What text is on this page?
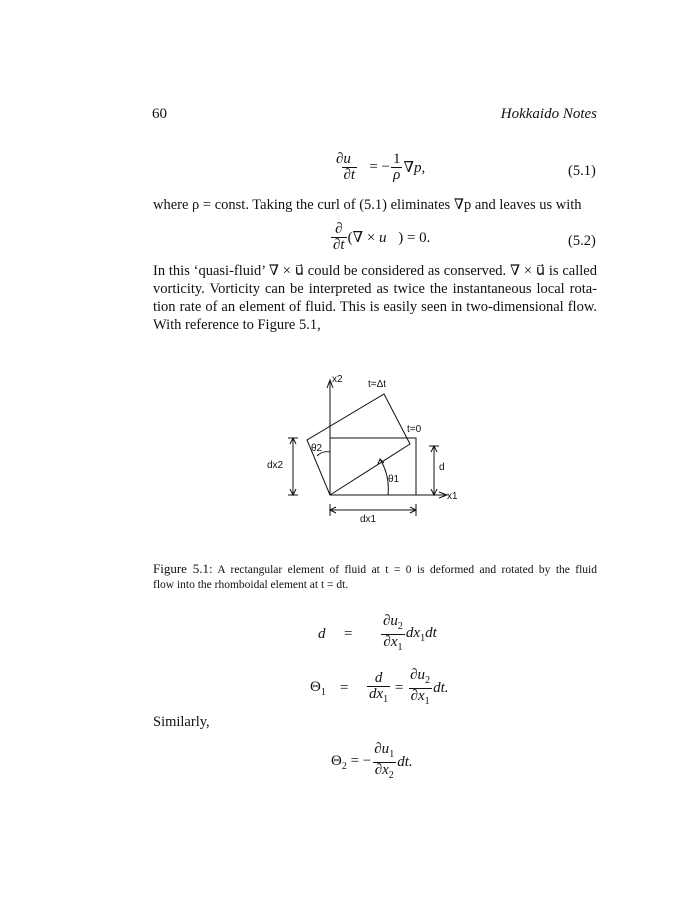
60	Hokkaido Notes
$\frac{\partial u⃗}{\partial t}$ = − $\frac{1}{\rho} \nabla p$,	(5.1)
where ρ = const. Taking the curl of (5.1) eliminates ∇p and leaves us with
$\frac{\partial}{\partial t}$ (∇ × u⃗) = 0.	(5.2)
In this ‘quasi-fluid’ ∇ × u⃗ could be considered as conserved. ∇ × u⃗ is called
vorticity. Vorticity can be interpreted as twice the instantaneous local rota-
tion rate of an element of fluid. This is easily seen in two-dimensional flow.
With reference to Figure 5.1,
x2	t=Δt
t=0
θ2
θ1
dx2	d
x1
dx1
Figure 5.1: A rectangular element of fluid at t = 0 is deformed and rotated by the fluid
flow into the rhomboidal element at t = dt.
d	=	$\frac{\partial u_2}{\partial x_1} dx_1dt$
$\Theta_1$ =	$\frac{d}{dx_1} = \frac{\partial u_2}{\partial x_1}$ dt.
Similarly,
$\Theta_2$ = − $\frac{\partial u_1}{\partial x_2}$ dt.
